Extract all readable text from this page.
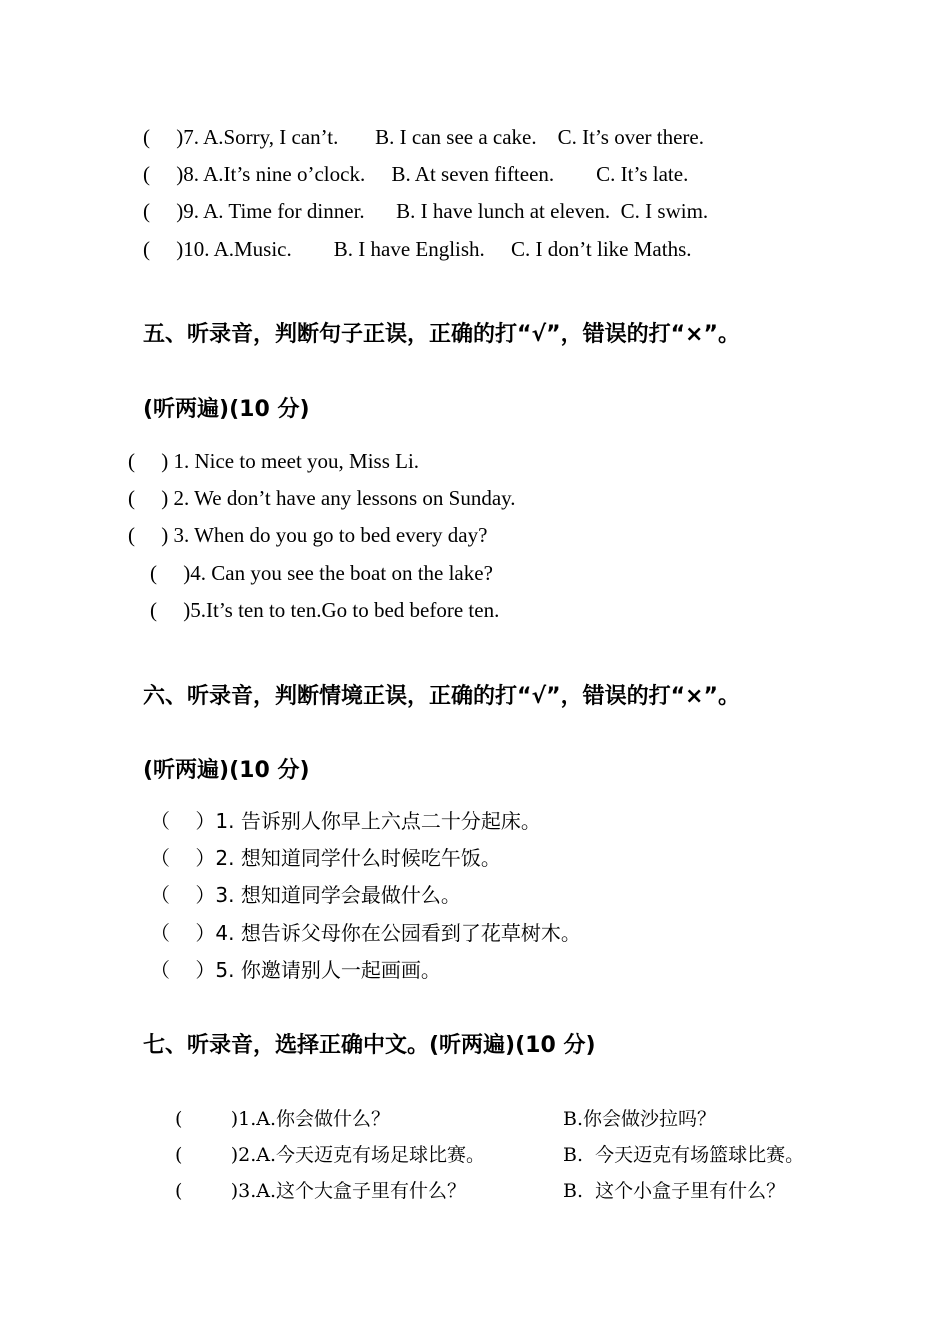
(     )7. A.Sorry, I can’t.       B. I can see a cake.    C. It’s over there.
(     )8. A.It’s nine o’clock.     B. At seven fifteen.        C. It’s late.
(     )9. A. Time for dinner.      B. I have lunch at eleven.  C. I swim.
(     )10. A.Music.        B. I have English.     C. I don’t like Maths.
五、听录音，判断句子正误，正确的打“√”，错误的打“×”。
(听两遍)(10 分)
(     ) 1. Nice to meet you, Miss Li.
(     ) 2. We don’t have any lessons on Sunday.
(     ) 3. When do you go to bed every day?
(     )4. Can you see the boat on the lake?
(     )5.It’s ten to ten.Go to bed before ten.
六、听录音，判断情境正误，正确的打“√”，错误的打“×”。
(听两遍)(10 分)
（    ）1. 告诉别人你早上六点二十分起床。
（    ）2. 想知道同学什么时候吃午饭。
（    ）3. 想知道同学会最做什么。
（    ）4. 想告诉父母你在公园看到了花草树木。
（    ）5. 你邀请别人一起画画。
七、听录音，选择正确中文。(听两遍)(10 分)
(        )1.A.你会做什么？	B.你会做沙拉吗？
(        )2.A.今天迈克有场足球比赛。	B.  今天迈克有场篮球比赛。
(        )3.A.这个大盒子里有什么？	B.  这个小盒子里有什么？
